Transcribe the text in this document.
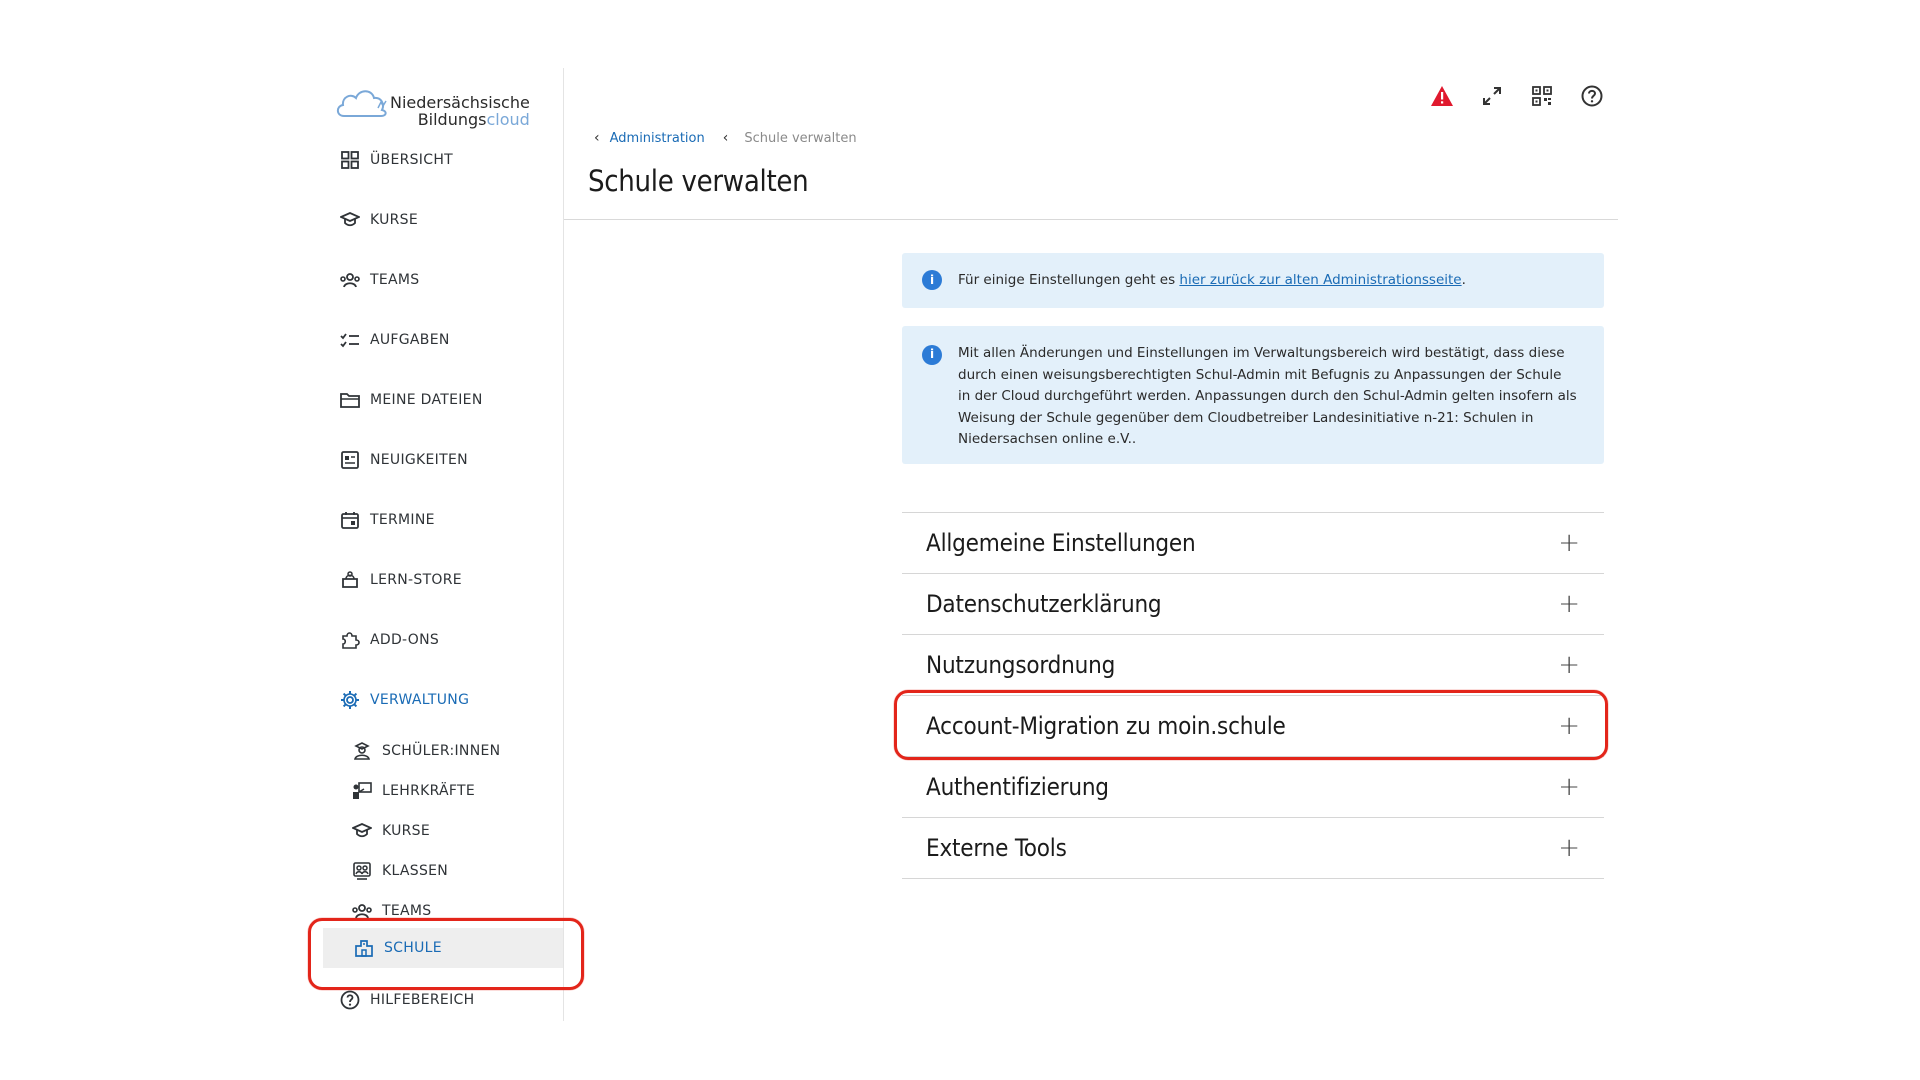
Niedersächsische
Bildungscloud
ÜBERSICHT
KURSE
TEAMS
AUFGABEN
MEINE DATEIEN
NEUIGKEITEN
TERMINE
LERN-STORE
ADD-ONS
VERWALTUNG
SCHÜLER:INNEN
LEHRKRÄFTE
KURSE
KLASSEN
TEAMS
SCHULE
HILFEBEREICH
‹ Administration ‹ Schule verwalten
Schule verwalten
i	Für einige Einstellungen geht es hier zurück zur alten Administrationsseite.
i	Mit allen Änderungen und Einstellungen im Verwaltungsbereich wird bestätigt, dass diese
durch einen weisungsberechtigten Schul-Admin mit Befugnis zu Anpassungen der Schule
in der Cloud durchgeführt werden. Anpassungen durch den Schul-Admin gelten insofern als
Weisung der Schule gegenüber dem Cloudbetreiber Landesinitiative n-21: Schulen in
Niedersachsen online e.V..
Allgemeine Einstellungen	+
Datenschutzerklärung	+
Nutzungsordnung	+
Account-Migration zu moin.schule	+
Authentifizierung	+
Externe Tools	+
